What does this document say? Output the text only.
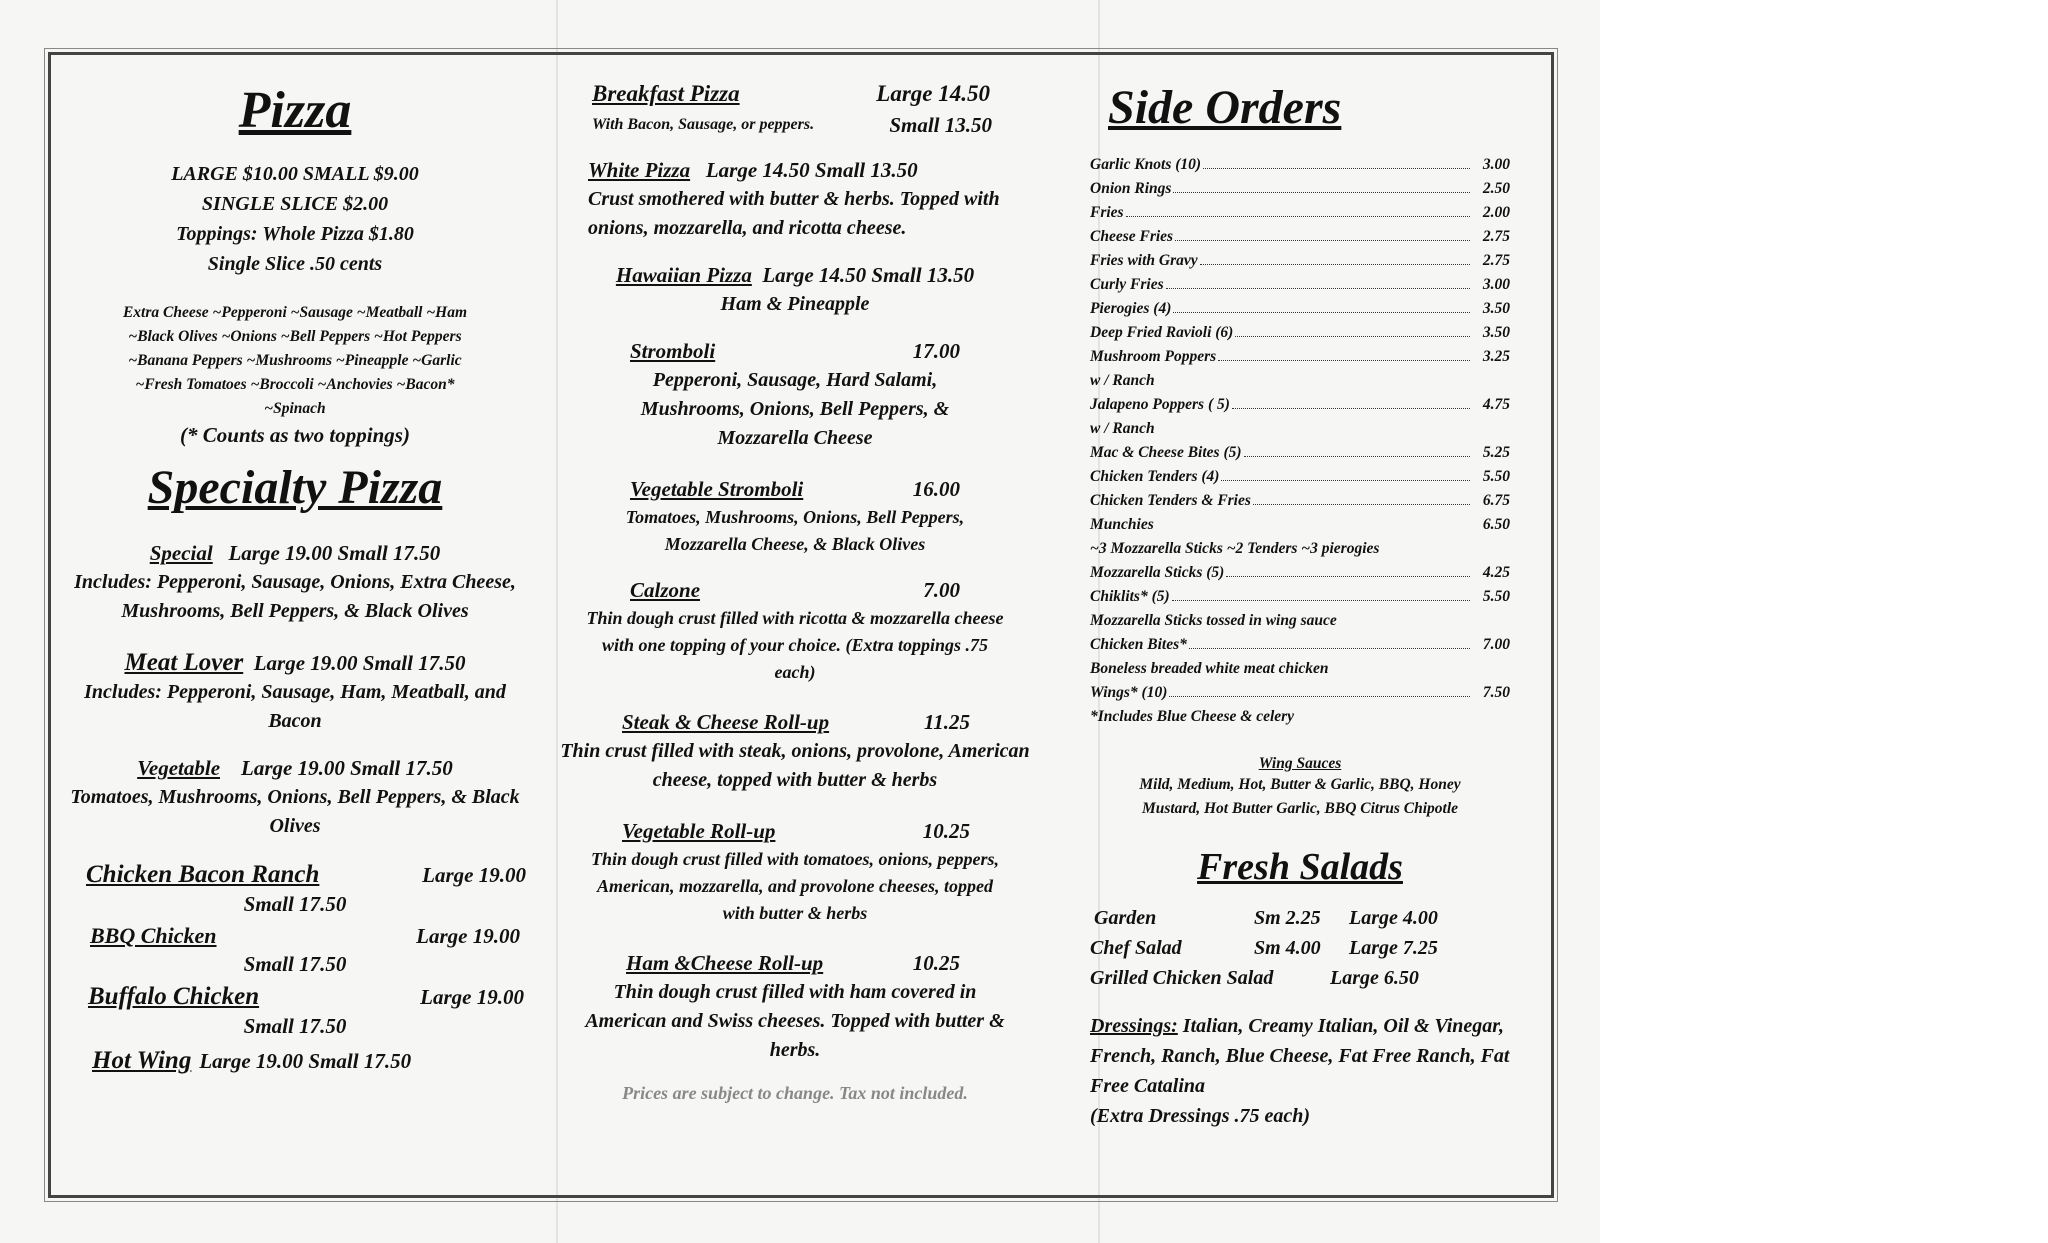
Pizza
LARGE $10.00 SMALL $9.00
SINGLE SLICE $2.00
Toppings: Whole Pizza $1.80
Single Slice .50 cents
Extra Cheese ~Pepperoni ~Sausage ~Meatball ~Ham
~Black Olives ~Onions ~Bell Peppers ~Hot Peppers
~Banana Peppers ~Mushrooms ~Pineapple ~Garlic
~Fresh Tomatoes ~Broccoli ~Anchovies ~Bacon*
~Spinach
(* Counts as two toppings)
Specialty Pizza
Special Large 19.00 Small 17.50
Includes: Pepperoni, Sausage, Onions, Extra Cheese, Mushrooms, Bell Peppers, & Black Olives
Meat Lover Large 19.00 Small 17.50
Includes: Pepperoni, Sausage, Ham, Meatball, and Bacon
Vegetable Large 19.00 Small 17.50
Tomatoes, Mushrooms, Onions, Bell Peppers, & Black Olives
Chicken Bacon Ranch	Large 19.00
Small 17.50
BBQ Chicken	Large 19.00
Small 17.50
Buffalo Chicken	Large 19.00
Small 17.50
Hot Wing Large 19.00 Small 17.50
Breakfast Pizza	Large 14.50
With Bacon, Sausage, or peppers.	Small 13.50
White Pizza Large 14.50 Small 13.50
Crust smothered with butter & herbs. Topped with onions, mozzarella, and ricotta cheese.
Hawaiian Pizza Large 14.50 Small 13.50
Ham & Pineapple
Stromboli	17.00
Pepperoni, Sausage, Hard Salami, Mushrooms, Onions, Bell Peppers, & Mozzarella Cheese
Vegetable Stromboli	16.00
Tomatoes, Mushrooms, Onions, Bell Peppers, Mozzarella Cheese, & Black Olives
Calzone	7.00
Thin dough crust filled with ricotta & mozzarella cheese with one topping of your choice. (Extra toppings .75 each)
Steak & Cheese Roll-up	11.25
Thin crust filled with steak, onions, provolone, American cheese, topped with butter & herbs
Vegetable Roll-up	10.25
Thin dough crust filled with tomatoes, onions, peppers, American, mozzarella, and provolone cheeses, topped with butter & herbs
Ham &Cheese Roll-up	10.25
Thin dough crust filled with ham covered in American and Swiss cheeses. Topped with butter & herbs.
Prices are subject to change. Tax not included.
Side Orders
Garlic Knots (10)	3.00
Onion Rings	2.50
Fries	2.00
Cheese Fries	2.75
Fries with Gravy	2.75
Curly Fries	3.00
Pierogies (4)	3.50
Deep Fried Ravioli (6)	3.50
Mushroom Poppers	3.25
w / Ranch
Jalapeno Poppers ( 5)	4.75
w / Ranch
Mac & Cheese Bites (5)	5.25
Chicken Tenders (4)	5.50
Chicken Tenders & Fries	6.75
Munchies	6.50
~3 Mozzarella Sticks ~2 Tenders ~3 pierogies
Mozzarella Sticks (5)	4.25
Chiklits* (5)	5.50
Mozzarella Sticks tossed in wing sauce
Chicken Bites*	7.00
Boneless breaded white meat chicken
Wings* (10)	7.50
*Includes Blue Cheese & celery
Wing Sauces
Mild, Medium, Hot, Butter & Garlic, BBQ, Honey Mustard, Hot Butter Garlic, BBQ Citrus Chipotle
Fresh Salads
Garden	Sm 2.25	Large 4.00
Chef Salad	Sm 4.00	Large 7.25
Grilled Chicken Salad	Large 6.50
Dressings: Italian, Creamy Italian, Oil & Vinegar, French, Ranch, Blue Cheese, Fat Free Ranch, Fat Free Catalina
(Extra Dressings .75 each)
